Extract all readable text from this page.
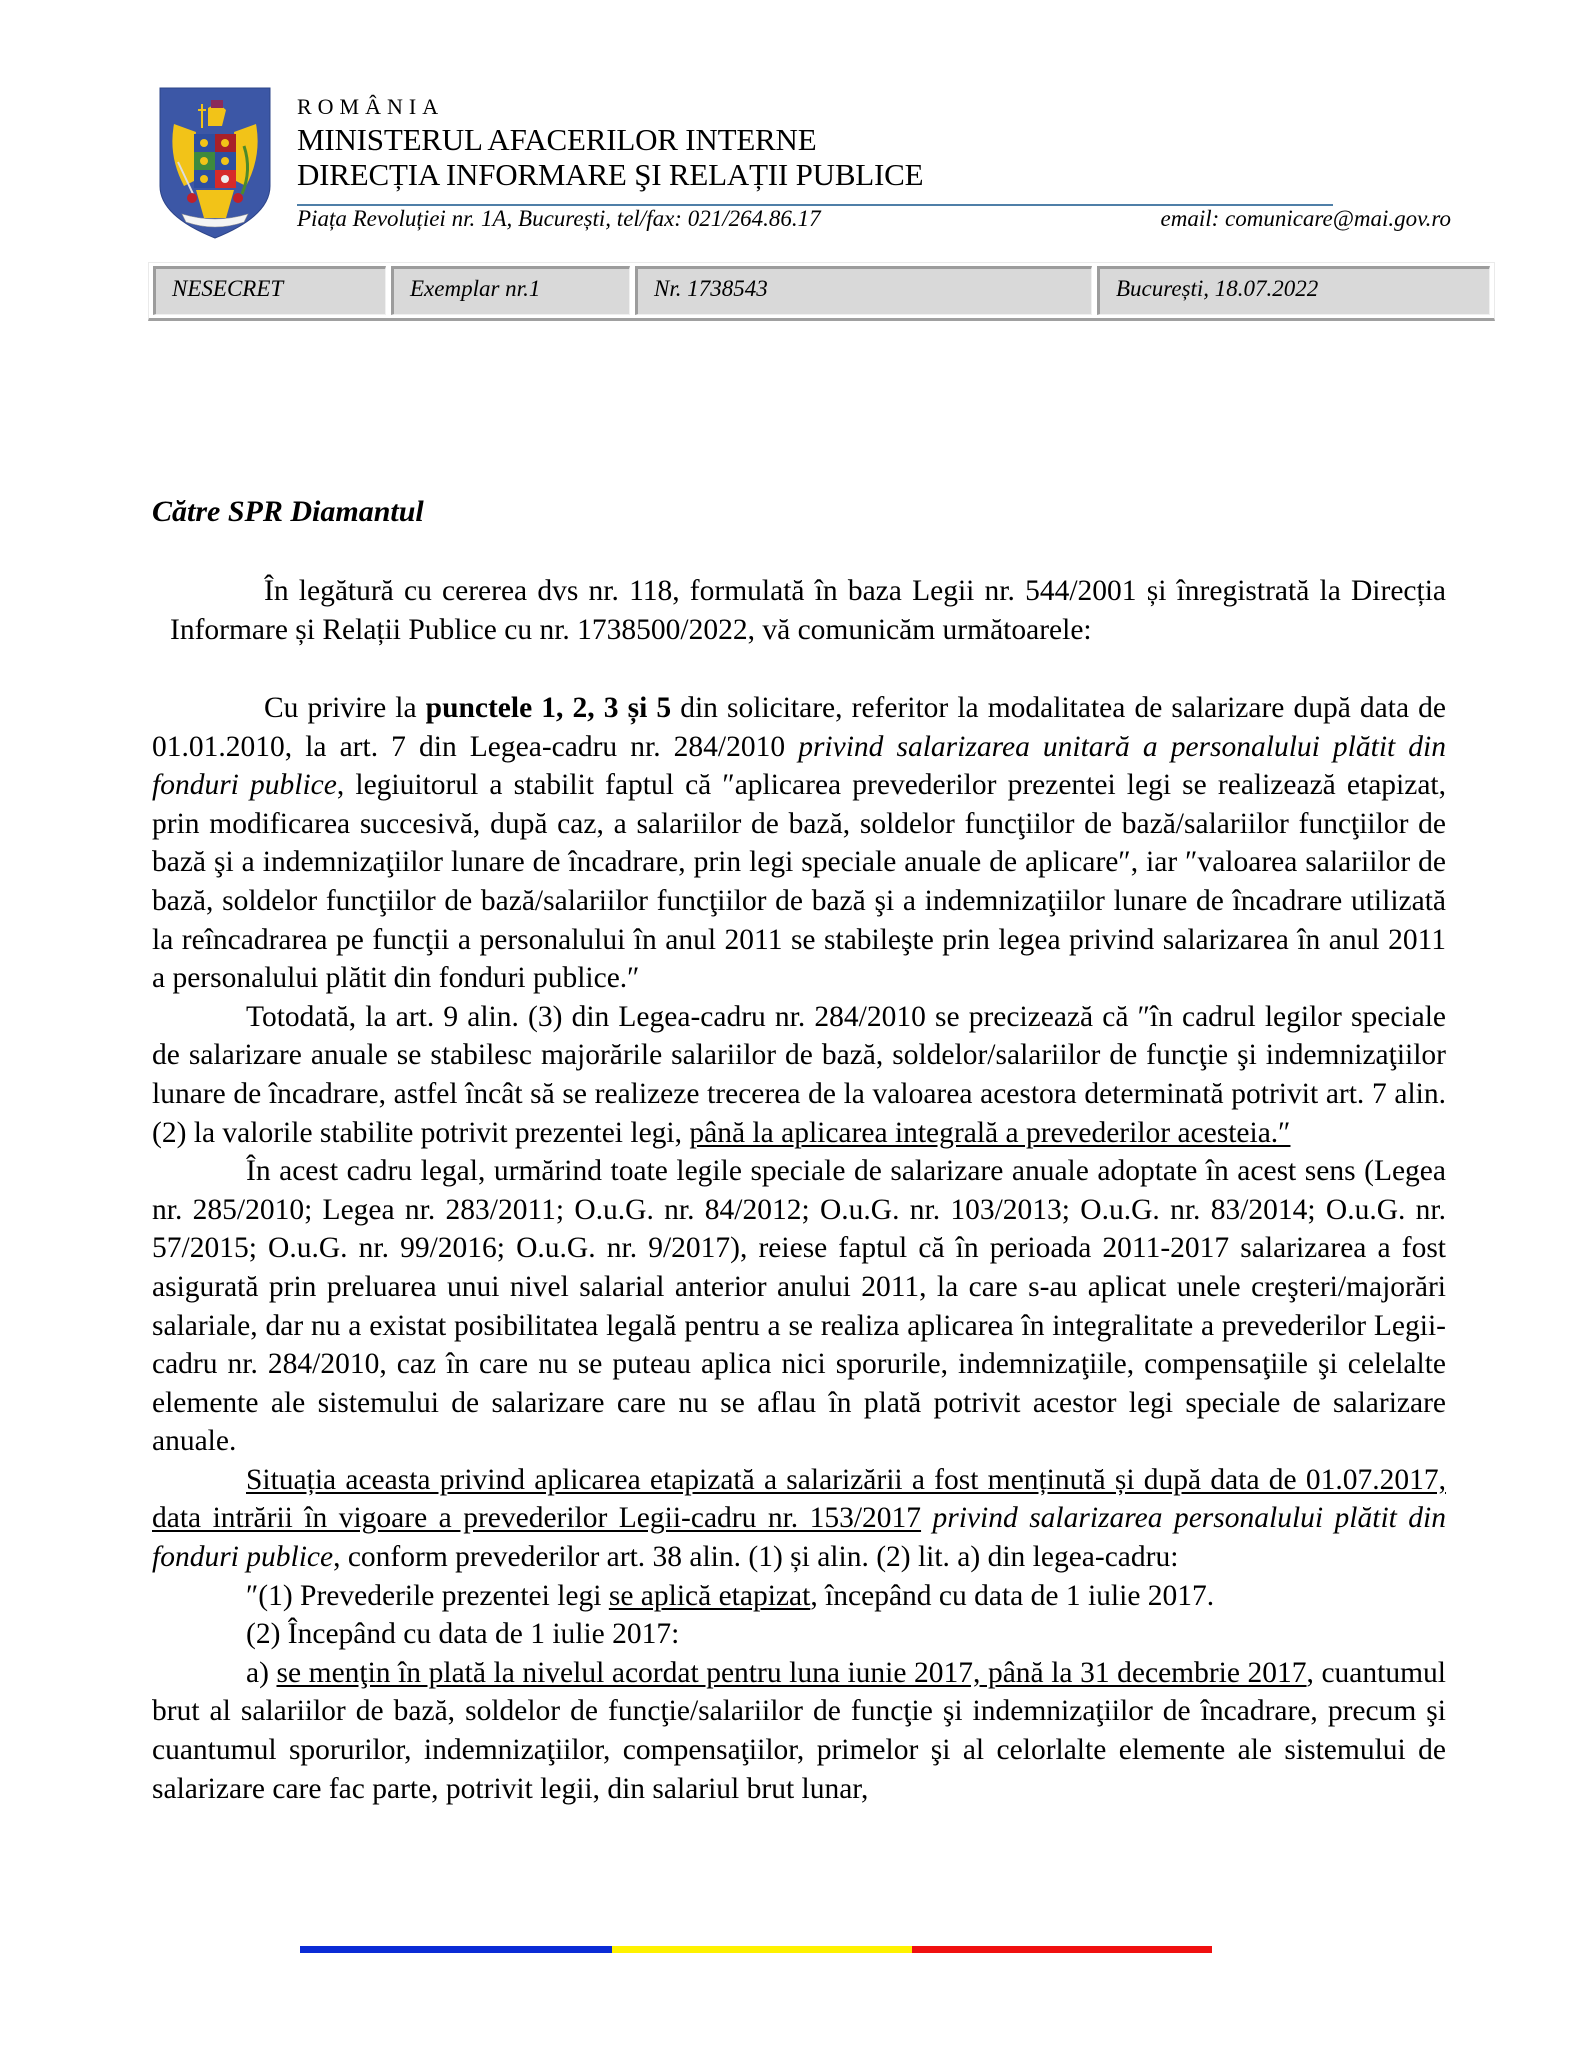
ROMÂNIA
MINISTERUL AFACERILOR INTERNE
DIRECȚIA INFORMARE ŞI RELAȚII PUBLICE
Piața Revoluției nr. 1A, București, tel/fax: 021/264.86.17	email: comunicare@mai.gov.ro
NESECRET	Exemplar nr.1	Nr. 1738543	București, 18.07.2022
Către SPR Diamantul

În legătură cu cererea dvs nr. 118, formulată în baza Legii nr. 544/2001 și înregistrată la Direcția Informare și Relații Publice cu nr. 1738500/2022, vă comunicăm următoarele:

Cu privire la punctele 1, 2, 3 și 5 din solicitare, referitor la modalitatea de salarizare după data de 01.01.2010, la art. 7 din Legea-cadru nr. 284/2010 privind salarizarea unitară a personalului plătit din fonduri publice, legiuitorul a stabilit faptul că ″aplicarea prevederilor prezentei legi se realizează etapizat, prin modificarea succesivă, după caz, a salariilor de bază, soldelor funcţiilor de bază/salariilor funcţiilor de bază şi a indemnizaţiilor lunare de încadrare, prin legi speciale anuale de aplicare″, iar ″valoarea salariilor de bază, soldelor funcţiilor de bază/salariilor funcţiilor de bază şi a indemnizaţiilor lunare de încadrare utilizată la reîncadrarea pe funcţii a personalului în anul 2011 se stabileşte prin legea privind salarizarea în anul 2011 a personalului plătit din fonduri publice.″

Totodată, la art. 9 alin. (3) din Legea-cadru nr. 284/2010 se precizează că ″în cadrul legilor speciale de salarizare anuale se stabilesc majorările salariilor de bază, soldelor/salariilor de funcţie şi indemnizaţiilor lunare de încadrare, astfel încât să se realizeze trecerea de la valoarea acestora determinată potrivit art. 7 alin. (2) la valorile stabilite potrivit prezentei legi, până la aplicarea integrală a prevederilor acesteia.″

În acest cadru legal, urmărind toate legile speciale de salarizare anuale adoptate în acest sens (Legea nr. 285/2010; Legea nr. 283/2011; O.u.G. nr. 84/2012; O.u.G. nr. 103/2013; O.u.G. nr. 83/2014; O.u.G. nr. 57/2015; O.u.G. nr. 99/2016; O.u.G. nr. 9/2017), reiese faptul că în perioada 2011-2017 salarizarea a fost asigurată prin preluarea unui nivel salarial anterior anului 2011, la care s-au aplicat unele creşteri/majorări salariale, dar nu a existat posibilitatea legală pentru a se realiza aplicarea în integralitate a prevederilor Legii-cadru nr. 284/2010, caz în care nu se puteau aplica nici sporurile, indemnizaţiile, compensaţiile şi celelalte elemente ale sistemului de salarizare care nu se aflau în plată potrivit acestor legi speciale de salarizare anuale.

Situația aceasta privind aplicarea etapizată a salarizării a fost menținută și după data de 01.07.2017, data intrării în vigoare a prevederilor Legii-cadru nr. 153/2017 privind salarizarea personalului plătit din fonduri publice, conform prevederilor art. 38 alin. (1) și alin. (2) lit. a) din legea-cadru:

″(1) Prevederile prezentei legi se aplică etapizat, începând cu data de 1 iulie 2017.

(2) Începând cu data de 1 iulie 2017:

a) se menţin în plată la nivelul acordat pentru luna iunie 2017, până la 31 decembrie 2017, cuantumul brut al salariilor de bază, soldelor de funcţie/salariilor de funcţie şi indemnizaţiilor de încadrare, precum şi cuantumul sporurilor, indemnizaţiilor, compensaţiilor, primelor şi al celorlalte elemente ale sistemului de salarizare care fac parte, potrivit legii, din salariul brut lunar,
